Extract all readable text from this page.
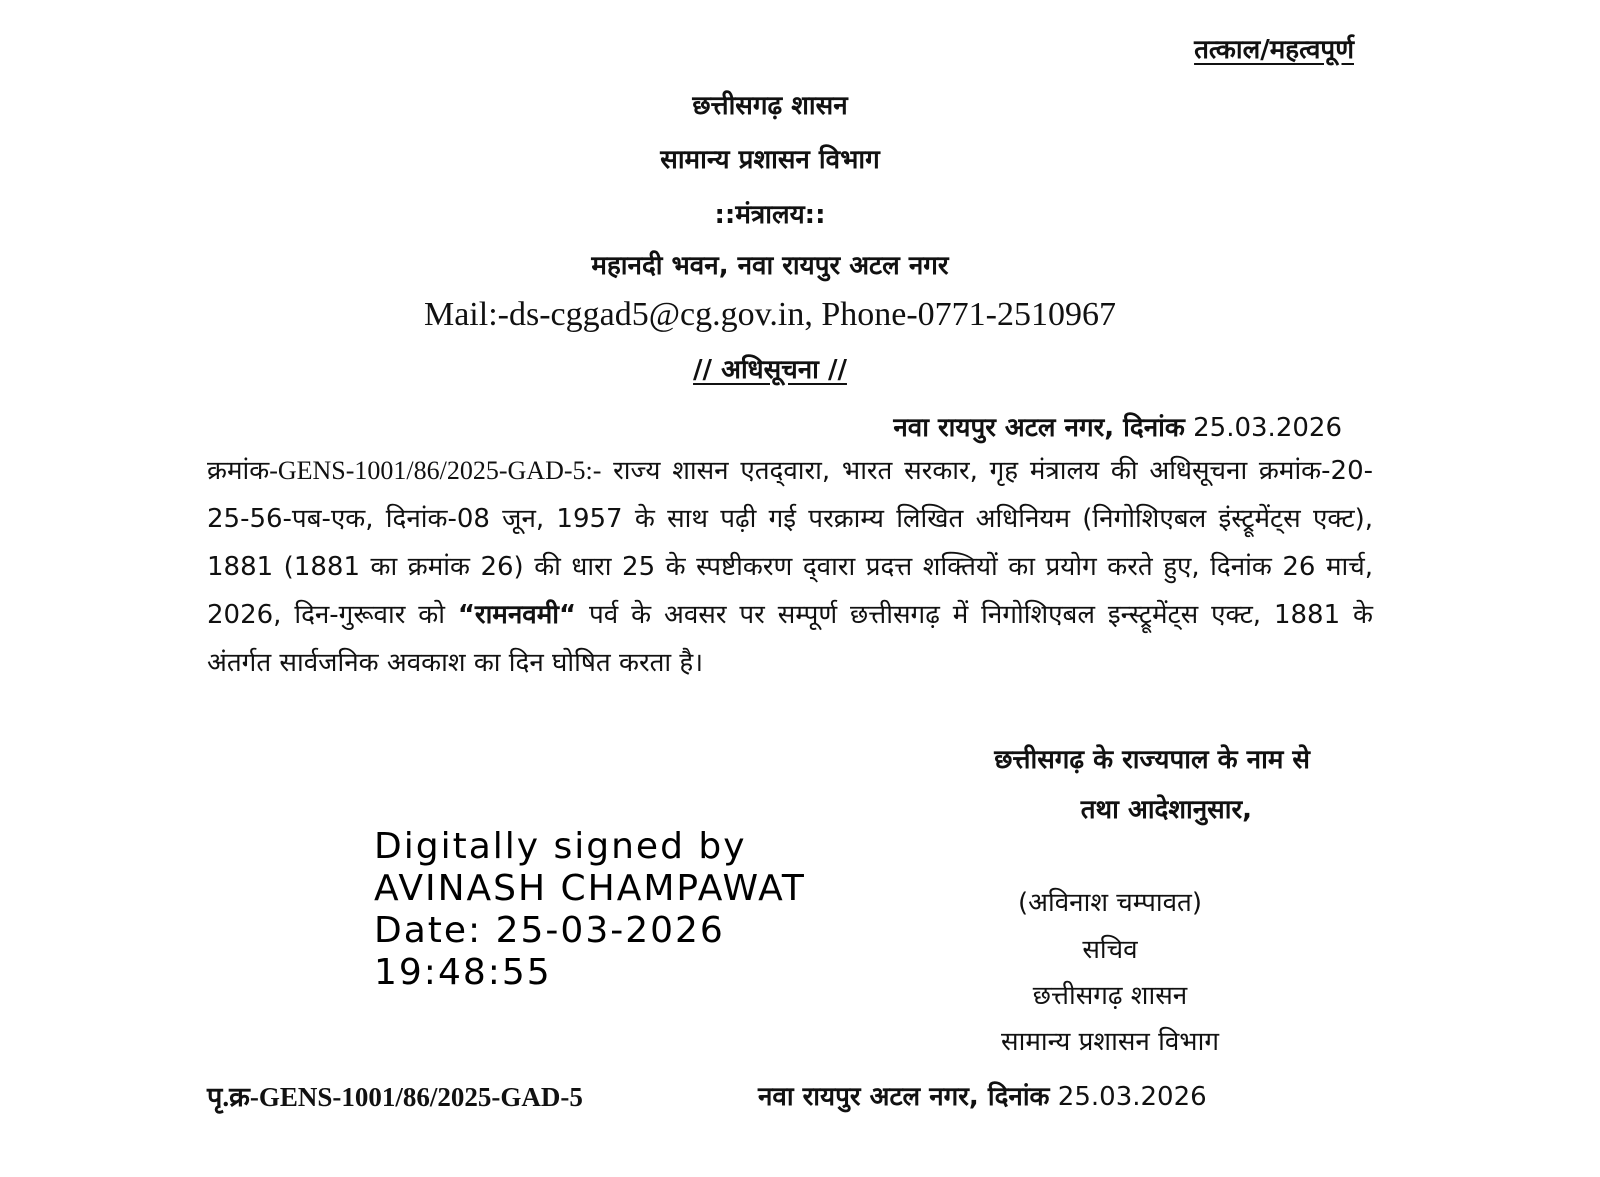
तत्काल/महत्वपूर्ण
छत्तीसगढ़ शासन
सामान्य प्रशासन विभाग
::मंत्रालय::
महानदी भवन, नवा रायपुर अटल नगर
Mail:-ds-cggad5@cg.gov.in, Phone-0771-2510967
// अधिसूचना //
नवा रायपुर अटल नगर, दिनांक 25.03.2026
क्रमांक-GENS-1001/86/2025-GAD-5:- राज्य शासन एतद्‌वारा, भारत सरकार, गृह मंत्रालय की अधिसूचना क्रमांक-20-25-56-पब-एक, दिनांक-08 जून, 1957 के साथ पढ़ी गई परक्राम्य लिखित अधिनियम (निगोशिएबल इंस्ट्रूमेंट्स एक्ट), 1881 (1881 का क्रमांक 26) की धारा 25 के स्पष्टीकरण द्‌वारा प्रदत्त शक्तियों का प्रयोग करते हुए, दिनांक 26 मार्च, 2026, दिन-गुरूवार को “रामनवमी“ पर्व के अवसर पर सम्पूर्ण छत्तीसगढ़ में निगोशिएबल इन्स्ट्रूमेंट्स एक्ट, 1881 के अंतर्गत सार्वजनिक अवकाश का दिन घोषित करता है।
छत्तीसगढ़ के राज्यपाल के नाम से
तथा आदेशानुसार,
Digitally signed by
AVINASH CHAMPAWAT
Date: 25-03-2026
19:48:55
(अविनाश चम्पावत)
सचिव
छत्तीसगढ़ शासन
सामान्य प्रशासन विभाग
पृ.क्र-GENS-1001/86/2025-GAD-5	नवा रायपुर अटल नगर, दिनांक 25.03.2026
